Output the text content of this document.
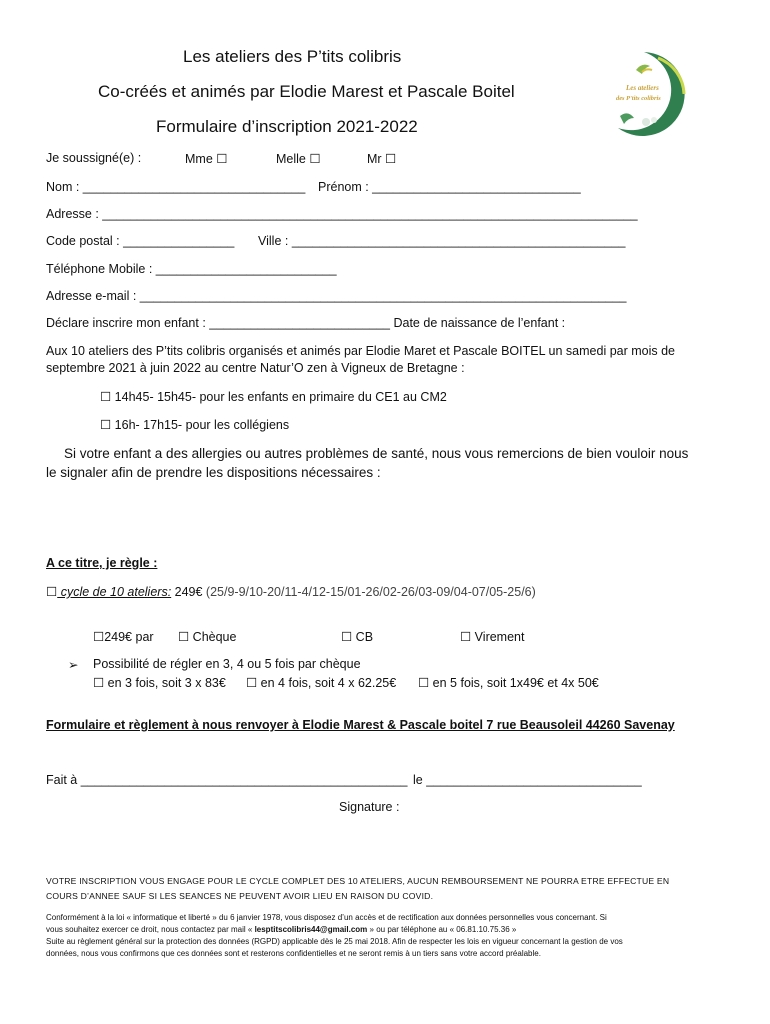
Les ateliers des P’tits colibris
Co-créés et animés par Elodie Marest et Pascale Boitel
Formulaire d’inscription 2021-2022
Les ateliers
des P'tits colibris
Je soussigné(e) :	Mme ☐	Melle ☐	Mr ☐
Nom : ________________________________ Prénom : ______________________________
Adresse : _____________________________________________________________________________
Code postal : ________________ Ville : ________________________________________________
Téléphone Mobile : __________________________
Adresse e-mail : ______________________________________________________________________
Déclare inscrire mon enfant : __________________________ Date de naissance de l’enfant :
Aux 10 ateliers des P’tits colibris organisés et animés par Elodie Maret et Pascale BOITEL un samedi par mois de
septembre 2021 à juin 2022 au centre Natur’O zen à Vigneux de Bretagne :
☐ 14h45- 15h45- pour les enfants en primaire du CE1 au CM2
☐ 16h- 17h15- pour les collégiens
Si votre enfant a des allergies ou autres problèmes de santé, nous vous remercions de bien vouloir nous
le signaler afin de prendre les dispositions nécessaires :
A ce titre, je règle :
☐ cycle de 10 ateliers: 249€ (25/9-9/10-20/11-4/12-15/01-26/02-26/03-09/04-07/05-25/6)
☐249€ par ☐ Chèque	☐ CB	☐ Virement
➢ Possibilité de régler en 3, 4 ou 5 fois par chèque
☐ en 3 fois, soit 3 x 83€ ☐ en 4 fois, soit 4 x 62.25€ ☐ en 5 fois, soit 1x49€ et 4x 50€
Formulaire et règlement à nous renvoyer à Elodie Marest & Pascale boitel 7 rue Beausoleil 44260 Savenay
Fait à _______________________________________________ le _______________________________
Signature :
VOTRE INSCRIPTION VOUS ENGAGE POUR LE CYCLE COMPLET DES 10 ATELIERS, AUCUN REMBOURSEMENT NE POURRA ETRE EFFECTUE EN
COURS D’ANNEE SAUF SI LES SEANCES NE PEUVENT AVOIR LIEU EN RAISON DU COVID.
Conformément à la loi « informatique et liberté » du 6 janvier 1978, vous disposez d’un accès et de rectification aux données personnelles vous concernant. Si
vous souhaitez exercer ce droit, nous contactez par mail « lesptitscolibris44@gmail.com » ou par téléphone au « 06.81.10.75.36 »
Suite au règlement général sur la protection des données (RGPD) applicable dès le 25 mai 2018. Afin de respecter les lois en vigueur concernant la gestion de vos
données, nous vous confirmons que ces données sont et resterons confidentielles et ne seront remis à un tiers sans votre accord préalable.
